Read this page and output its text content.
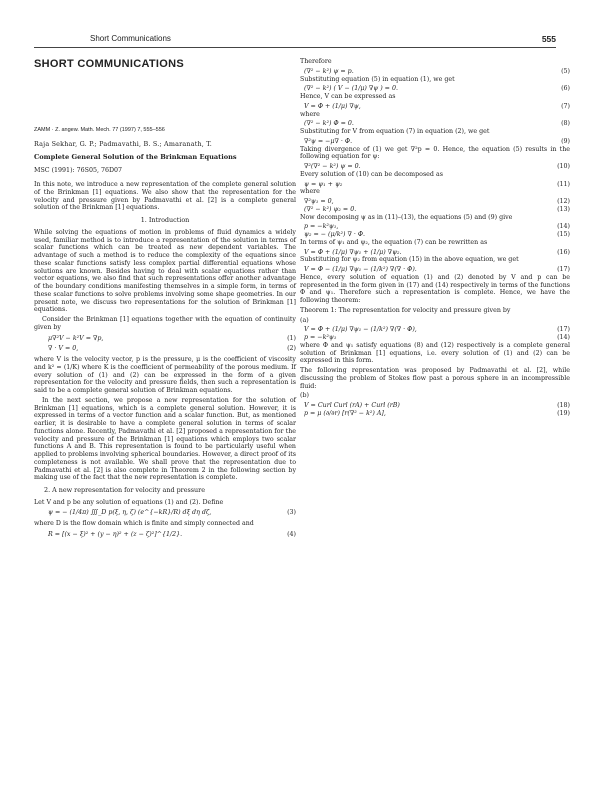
Short Communications	555
SHORT COMMUNICATIONS
ZAMM · Z. angew. Math. Mech. 77 (1997) 7, 555–556
Raja Sekhar, G. P.; Padmavathi, B. S.; Amaranath, T.
Complete General Solution of the Brinkman Equations
MSC (1991): 76S05, 76D07

In this note, we introduce a new representation of the complete general solution of the Brinkman [1] equations. We also show that the representation for the velocity and pressure given by Padmavathi et al. [2] is a complete general solution of the Brinkman [1] equations.

1. Introduction

While solving the equations of motion in problems of fluid dynamics a widely used, familiar method is to introduce a representation of the solution in terms of scalar functions which can be treated as new dependent variables. The advantage of such a method is to reduce the complexity of the equations since these scalar functions satisfy less complex partial differential equations whose solutions are known. Besides having to deal with scalar equations rather than vector equations, we also find that such representations offer another advantage of the boundary conditions manifesting themselves in a simple form, in terms of these scalar functions to solve problems involving some shape geometries. In our present note, we discuss two representations for the solution of Brinkman [1] equations.

Consider the Brinkman [1] equations together with the equation of continuity given by

μ∇²V − k²V = ∇p,	(1)
∇ · V = 0,	(2)

where V is the velocity vector, p is the pressure, μ is the coefficient of viscosity and k² = (1/K) where K is the coefficient of permeability of the porous medium. If every solution of (1) and (2) can be expressed in the form of a given representation for the velocity and pressure fields, then such a representation is said to be a complete general solution of Brinkman equations.

In the next section, we propose a new representation for the solution of Brinkman [1] equations, which is a complete general solution. However, it is expressed in terms of a vector function and a scalar function. But, as mentioned earlier, it is desirable to have a complete general solution in terms of scalar functions alone. Recently, Padmavathi et al. [2] proposed a representation for the velocity and pressure of the Brinkman [1] equations which employs two scalar functions A and B. This representation is found to be particularly useful when applied to problems involving spherical boundaries. However, a direct proof of its completeness is not available. We shall prove that the representation due to Padmavathi et al. [2] is also complete in Theorem 2 in the following section by making use of the fact that the new representation is complete.

2. A new representation for velocity and pressure

Let V and p be any solution of equations (1) and (2). Define

ψ = − (1/4π) ∭_D p(ξ, η, ζ) (e^{−kR}/R) dξ dη dζ,	(3)

where D is the flow domain which is finite and simply connected and

R = [(x − ξ)² + (y − η)² + (z − ζ)²]^{1/2}.	(4)

Therefore

(∇² − k²) ψ = p.	(5)

Substituting equation (5) in equation (1), we get

(∇² − k²) ( V − (1/μ) ∇ψ ) = 0.	(6)

Hence, V can be expressed as

V = Φ + (1/μ) ∇ψ,	(7)

where

(∇² − k²) Φ = 0.	(8)

Substituting for V from equation (7) in equation (2), we get

∇²ψ = −μ∇ · Φ.	(9)

Taking divergence of (1) we get ∇²p = 0. Hence, the equation (5) results in the following equation for ψ:

∇²(∇² − k²) ψ = 0.	(10)

Every solution of (10) can be decomposed as

ψ = ψ₁ + ψ₂	(11)

where

∇²ψ₁ = 0,	(12)
(∇² − k²) ψ₂ = 0.	(13)

Now decomposing ψ as in (11)–(13), the equations (5) and (9) give

p = −k²ψ₁,	(14)
ψ₂ = − (μ/k²) ∇ · Φ.	(15)

In terms of ψ₁ and ψ₂, the equation (7) can be rewritten as

V = Φ + (1/μ) ∇ψ₁ + (1/μ) ∇ψ₂.	(16)

Substituting for ψ₂ from equation (15) in the above equation, we get

V = Φ − (1/μ) ∇ψ₁ − (1/k²) ∇(∇ · Φ).	(17)

Hence, every solution of equation (1) and (2) denoted by V and p can be represented in the form given in (17) and (14) respectively in terms of the functions Φ and ψ₁. Therefore such a representation is complete. Hence, we have the following theorem:

Theorem 1: The representation for velocity and pressure given by

(a)

V = Φ + (1/μ) ∇ψ₁ − (1/k²) ∇(∇ · Φ),	(17)
p = −k²ψ₁	(14)

where Φ and ψ₁ satisfy equations (8) and (12) respectively is a complete general solution of Brinkman [1] equations, i.e. every solution of (1) and (2) can be expressed in this form.

The following representation was proposed by Padmavathi et al. [2], while discussing the problem of Stokes flow past a porous sphere in an incompressible fluid:

(b)

V = Curl Curl (rA) + Curl (rB)	(18)
p = μ (∂/∂r) [r(∇² − k²) A],	(19)
